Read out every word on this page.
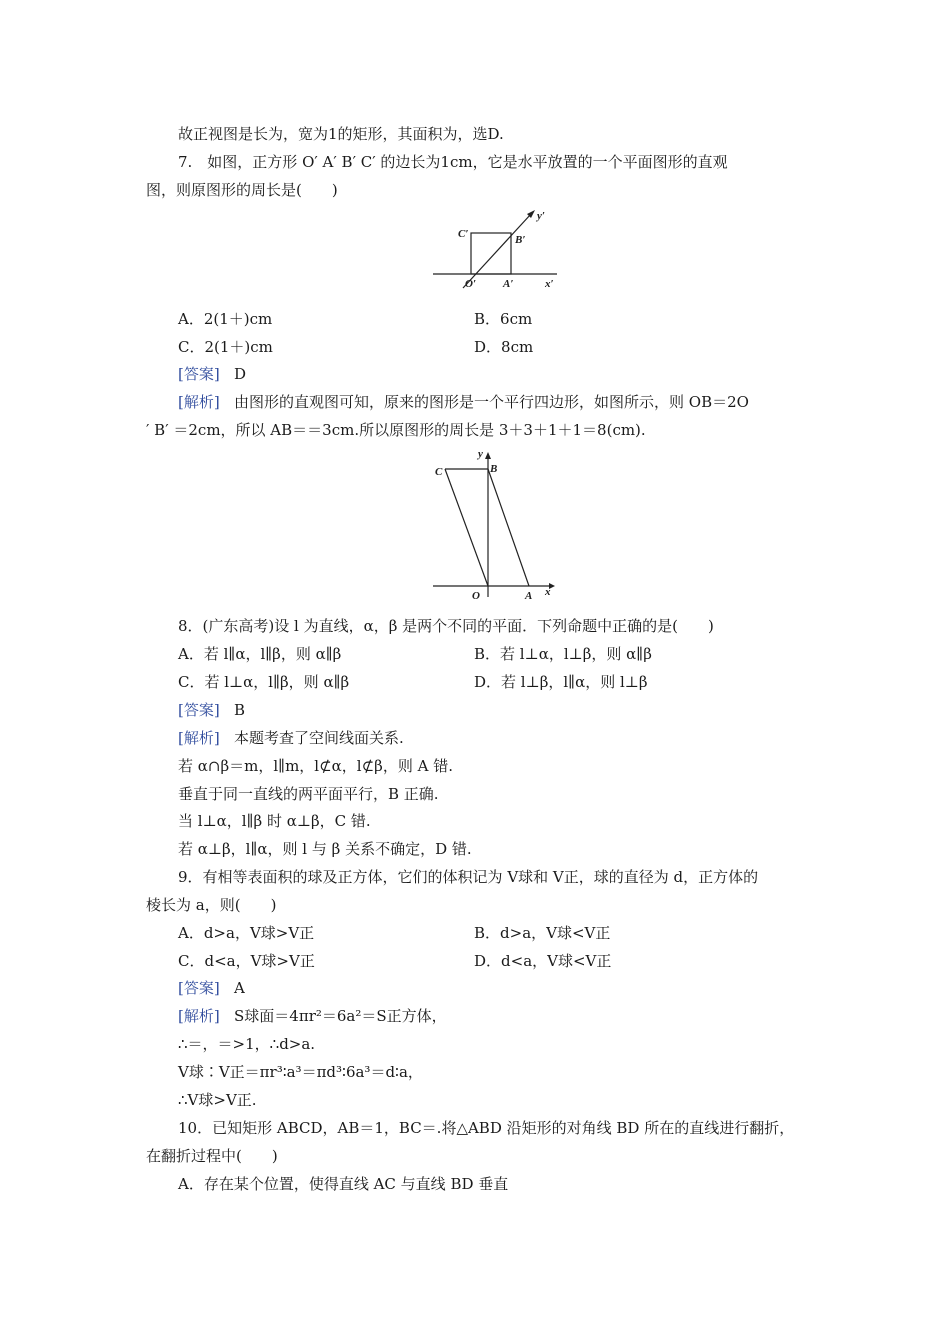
故正视图是长为，宽为1的矩形，其面积为，选D.
7.　如图，正方形 O′ A′ B′ C′ 的边长为1cm，它是水平放置的一个平面图形的直观
图，则原图形的周长是(　　)
C′	B′
O′ A′	x′
y′
A．2(1＋)cm	B．6cm
C．2(1＋)cm	D．8cm
[答案] D
[解析] 由图形的直观图可知，原来的图形是一个平行四边形，如图所示，则 OB＝2O
′ B′ ＝2cm，所以 AB＝＝3cm.所以原图形的周长是 3＋3＋1＋1＝8(cm).
C	B
O	A x
y
8．(广东高考)设 l 为直线，α，β 是两个不同的平面．下列命题中正确的是(　　)
A．若 l∥α，l∥β，则 α∥β	B．若 l⊥α，l⊥β，则 α∥β
C．若 l⊥α，l∥β，则 α∥β	D．若 l⊥β，l∥α，则 l⊥β
[答案] B
[解析] 本题考查了空间线面关系.
若 α∩β＝m，l∥m，l⊄α，l⊄β，则 A 错.
垂直于同一直线的两平面平行，B 正确.
当 l⊥α，l∥β 时 α⊥β，C 错.
若 α⊥β，l∥α，则 l 与 β 关系不确定，D 错.
9．有相等表面积的球及正方体，它们的体积记为 V球和 V正，球的直径为 d，正方体的
棱长为 a，则(　　)
A．d>a，V球>V正	B．d>a，V球<V正
C．d<a，V球>V正	D．d<a，V球<V正
[答案] A
[解析] S球面＝4πr²＝6a²＝S正方体，
∴＝，＝>1，∴d>a.
V球∶V正＝πr³∶a³＝πd³∶6a³＝d∶a，
∴V球>V正.
10．已知矩形 ABCD，AB＝1，BC＝.将△ABD 沿矩形的对角线 BD 所在的直线进行翻折，
在翻折过程中(　　)
A．存在某个位置，使得直线 AC 与直线 BD 垂直
